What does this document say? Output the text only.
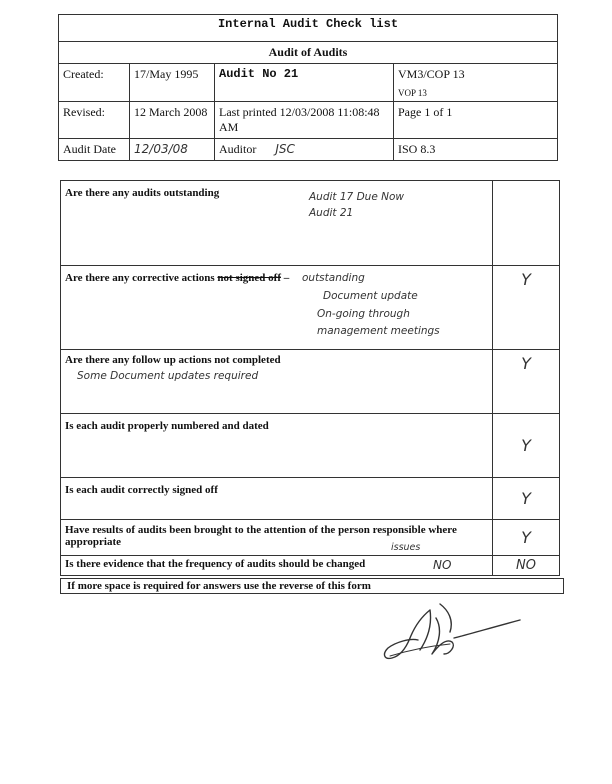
Internal Audit Check list			
Audit of Audits			
Created:	17/May 1995	Audit No 21	VM3/COP 13
VOP 13

Revised:	12 March 2008	Last printed 12/03/2008 11:08:48 AM	Page 1 of 1
Audit Date	12/03/08	Auditor JSC	ISO 8.3
Are there any audits outstanding Audit 17 Due Now
Audit 21	

Are there any corrective actions not signed off – outstanding
Document update
On-going through
management meetings	Y

Are there any follow up actions not completed
Some Document updates required	Y

Is each audit properly numbered and dated	Y

Is each audit correctly signed off	Y

Have results of audits been brought to the attention of the person responsible where appropriate issues	Y

Is there evidence that the frequency of audits should be changed NO	NO
If more space is required for answers use the reverse of this form
